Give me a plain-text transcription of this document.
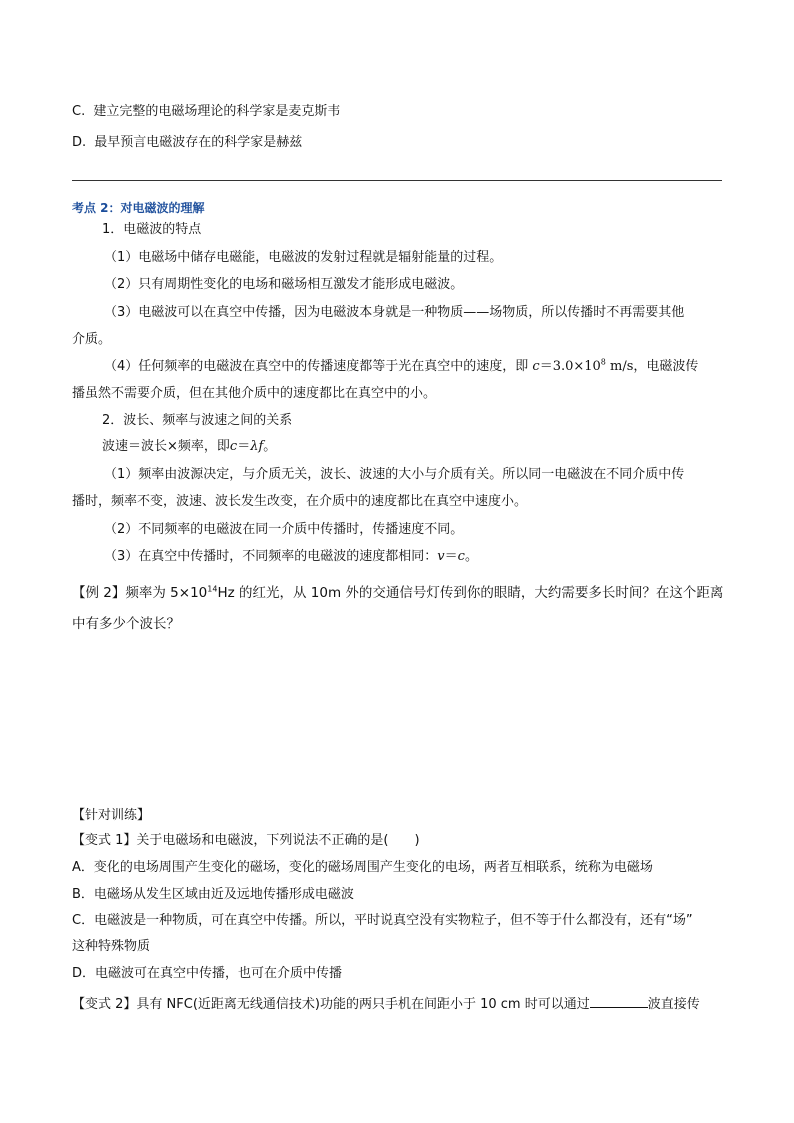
C. 建立完整的电磁场理论的科学家是麦克斯韦
D. 最早预言电磁波存在的科学家是赫兹
考点 2：对电磁波的理解
1．电磁波的特点
（1）电磁场中储存电磁能，电磁波的发射过程就是辐射能量的过程。
（2）只有周期性变化的电场和磁场相互激发才能形成电磁波。
（3）电磁波可以在真空中传播，因为电磁波本身就是一种物质——场物质，所以传播时不再需要其他
介质。
（4）任何频率的电磁波在真空中的传播速度都等于光在真空中的速度，即 $c=3.0\times 10^8$ m/s，电磁波传
播虽然不需要介质，但在其他介质中的速度都比在真空中的小。
2．波长、频率与波速之间的关系
波速＝波长×频率，即c＝λf。
（1）频率由波源决定，与介质无关，波长、波速的大小与介质有关。所以同一电磁波在不同介质中传
播时，频率不变，波速、波长发生改变，在介质中的速度都比在真空中速度小。
（2）不同频率的电磁波在同一介质中传播时，传播速度不同。
（3）在真空中传播时，不同频率的电磁波的速度都相同：v＝c。
【例 2】频率为 $5\times 10^{14}Hz$ 的红光，从 10m 外的交通信号灯传到你的眼睛，大约需要多长时间？在这个距离
中有多少个波长？
【针对训练】
【变式 1】关于电磁场和电磁波，下列说法不正确的是(　　)
A．变化的电场周围产生变化的磁场，变化的磁场周围产生变化的电场，两者互相联系，统称为电磁场
B．电磁场从发生区域由近及远地传播形成电磁波
C．电磁波是一种物质，可在真空中传播。所以，平时说真空没有实物粒子，但不等于什么都没有，还有“场”
这种特殊物质
D．电磁波可在真空中传播，也可在介质中传播
【变式 2】具有 NFC(近距离无线通信技术)功能的两只手机在间距小于 10 cm 时可以通过	波直接传
